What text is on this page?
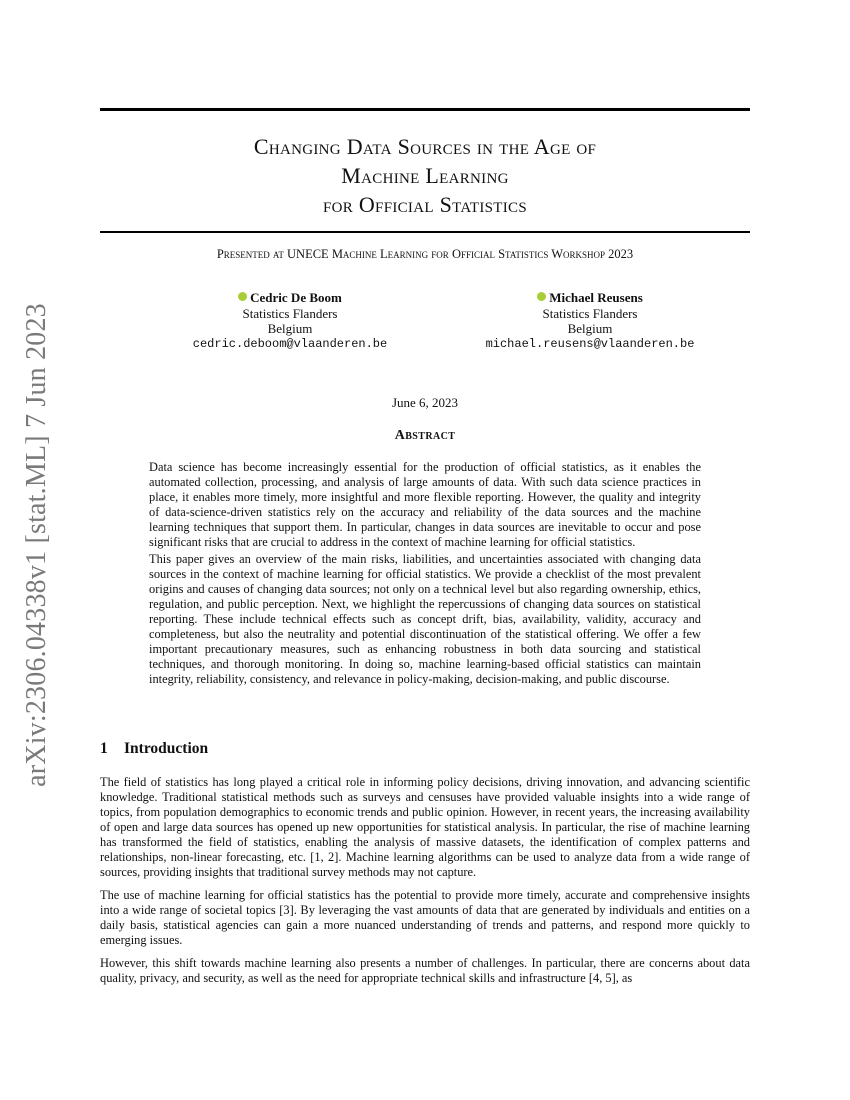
arXiv:2306.04338v1 [stat.ML] 7 Jun 2023
Changing Data Sources in the Age of
Machine Learning
for Official Statistics
Presented at UNECE Machine Learning for Official Statistics Workshop 2023
Cedric De Boom
Statistics Flanders
Belgium
cedric.deboom@vlaanderen.be
Michael Reusens
Statistics Flanders
Belgium
michael.reusens@vlaanderen.be
June 6, 2023
Abstract

Data science has become increasingly essential for the production of official statistics, as it enables the automated collection, processing, and analysis of large amounts of data. With such data science practices in place, it enables more timely, more insightful and more flexible reporting. However, the quality and integrity of data-science-driven statistics rely on the accuracy and reliability of the data sources and the machine learning techniques that support them. In particular, changes in data sources are inevitable to occur and pose significant risks that are crucial to address in the context of machine learning for official statistics.

This paper gives an overview of the main risks, liabilities, and uncertainties associated with changing data sources in the context of machine learning for official statistics. We provide a checklist of the most prevalent origins and causes of changing data sources; not only on a technical level but also regarding ownership, ethics, regulation, and public perception. Next, we highlight the repercussions of changing data sources on statistical reporting. These include technical effects such as concept drift, bias, availability, validity, accuracy and completeness, but also the neutrality and potential discontinuation of the statistical offering. We offer a few important precautionary measures, such as enhancing robustness in both data sourcing and statistical techniques, and thorough monitoring. In doing so, machine learning-based official statistics can maintain integrity, reliability, consistency, and relevance in policy-making, decision-making, and public discourse.

1 Introduction

The field of statistics has long played a critical role in informing policy decisions, driving innovation, and advancing scientific knowledge. Traditional statistical methods such as surveys and censuses have provided valuable insights into a wide range of topics, from population demographics to economic trends and public opinion. However, in recent years, the increasing availability of open and large data sources has opened up new opportunities for statistical analysis. In particular, the rise of machine learning has transformed the field of statistics, enabling the analysis of massive datasets, the identification of complex patterns and relationships, non-linear forecasting, etc. [1, 2]. Machine learning algorithms can be used to analyze data from a wide range of sources, providing insights that traditional survey methods may not capture.

The use of machine learning for official statistics has the potential to provide more timely, accurate and comprehensive insights into a wide range of societal topics [3]. By leveraging the vast amounts of data that are generated by individuals and entities on a daily basis, statistical agencies can gain a more nuanced understanding of trends and patterns, and respond more quickly to emerging issues.

However, this shift towards machine learning also presents a number of challenges. In particular, there are concerns about data quality, privacy, and security, as well as the need for appropriate technical skills and infrastructure [4, 5], as
